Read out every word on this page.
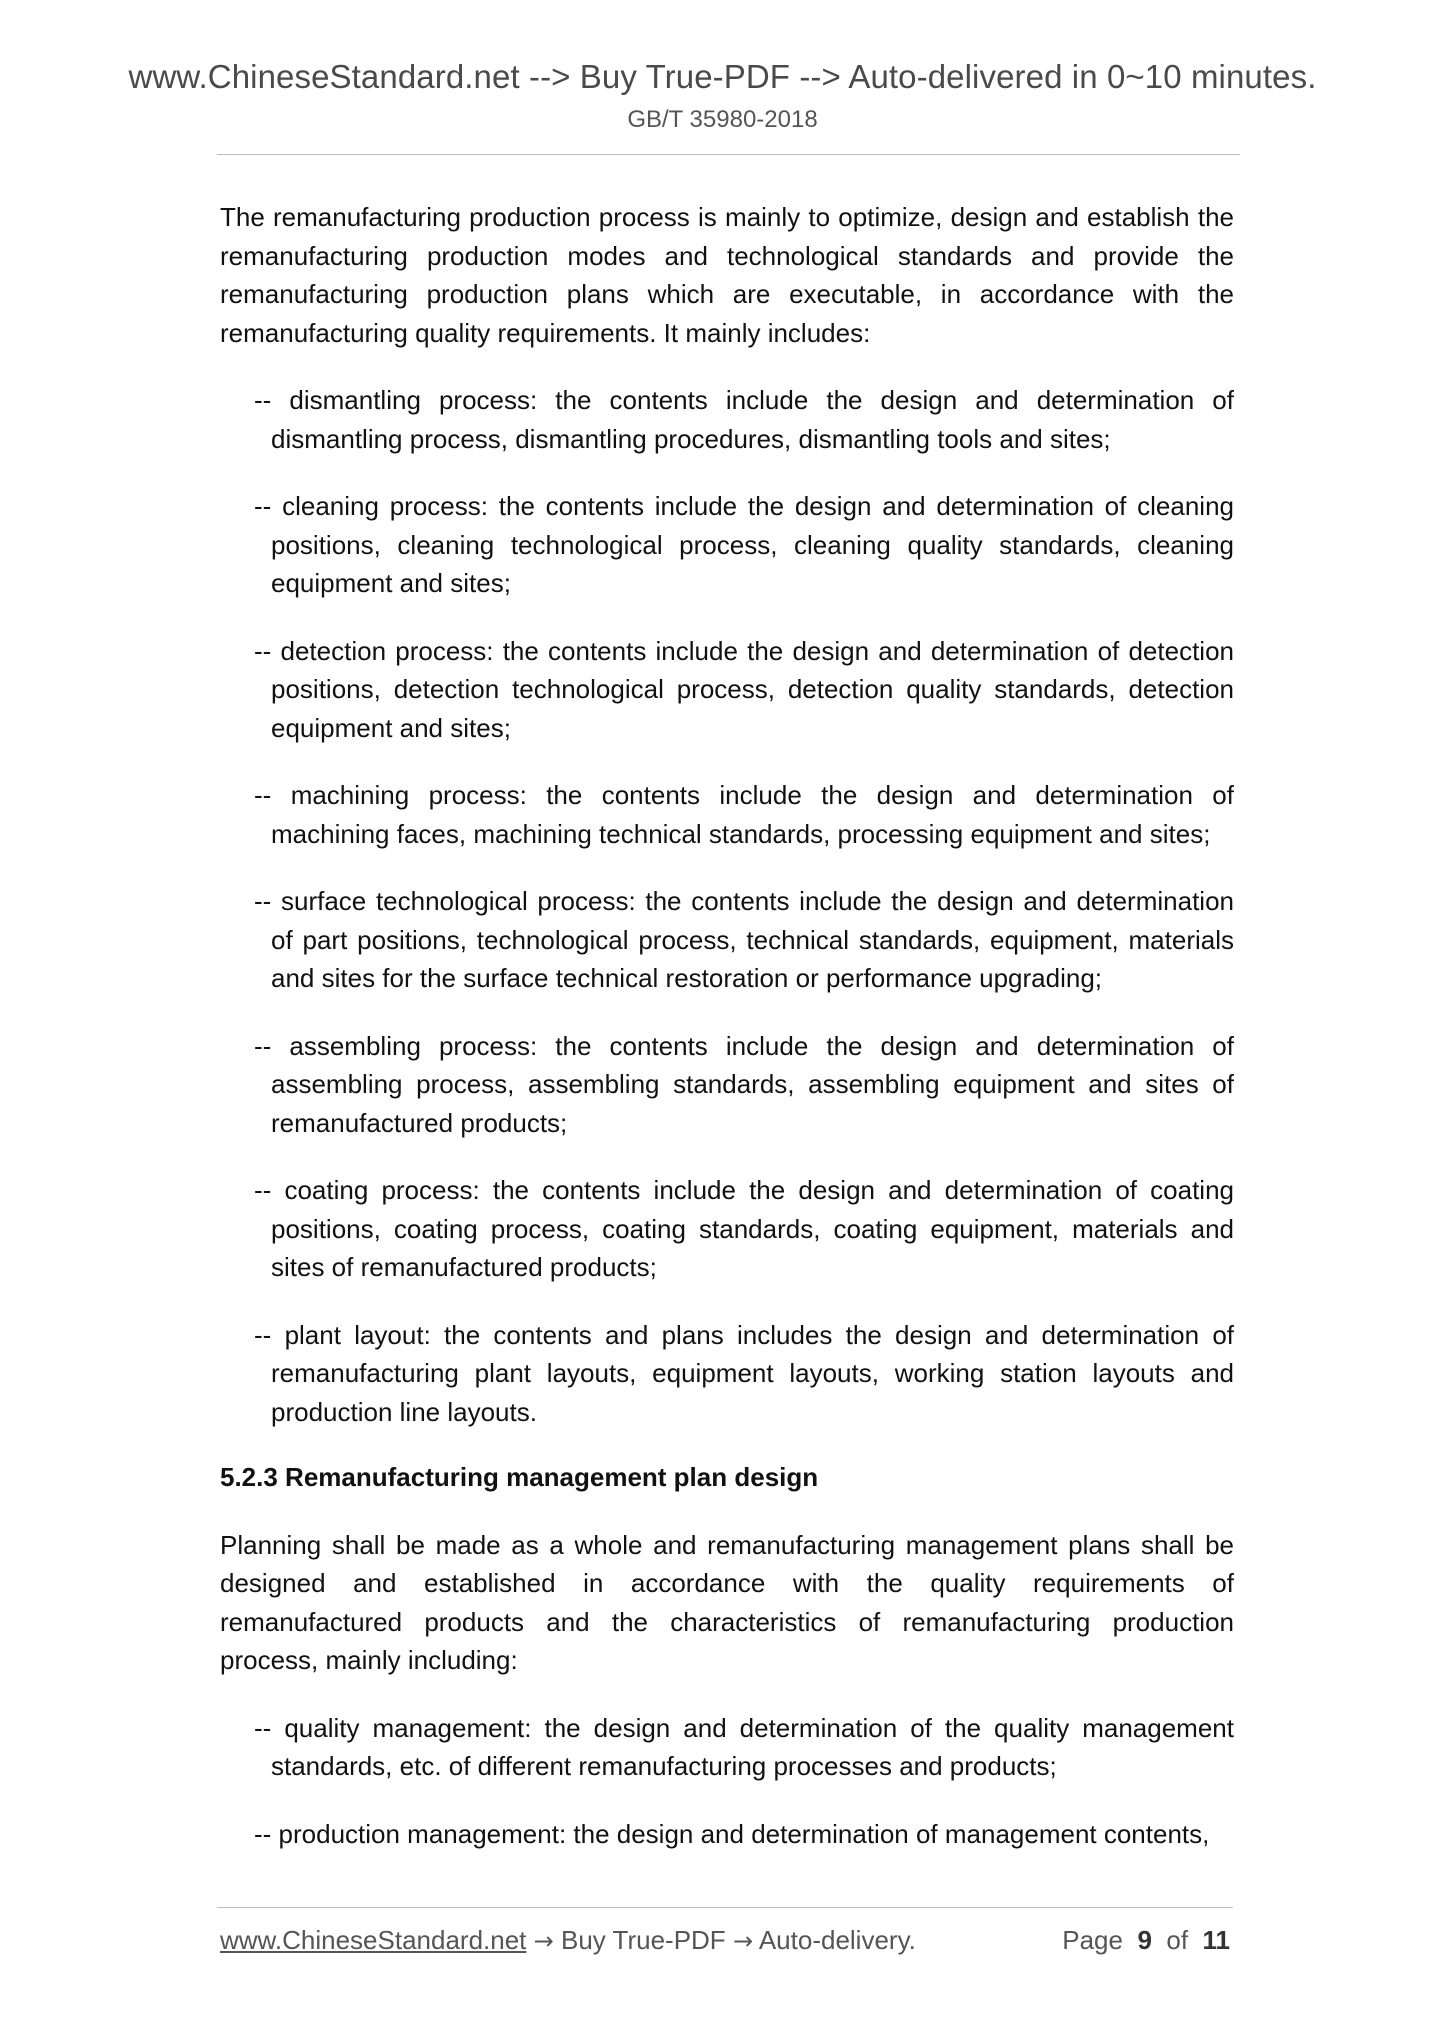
www.ChineseStandard.net --> Buy True-PDF --> Auto-delivered in 0~10 minutes.
GB/T 35980-2018

The remanufacturing production process is mainly to optimize, design and establish the remanufacturing production modes and technological standards and provide the remanufacturing production plans which are executable, in accordance with the remanufacturing quality requirements. It mainly includes:

-- dismantling process: the contents include the design and determination of dismantling process, dismantling procedures, dismantling tools and sites;

-- cleaning process: the contents include the design and determination of cleaning positions, cleaning technological process, cleaning quality standards, cleaning equipment and sites;

-- detection process: the contents include the design and determination of detection positions, detection technological process, detection quality standards, detection equipment and sites;

-- machining process: the contents include the design and determination of machining faces, machining technical standards, processing equipment and sites;

-- surface technological process: the contents include the design and determination of part positions, technological process, technical standards, equipment, materials and sites for the surface technical restoration or performance upgrading;

-- assembling process: the contents include the design and determination of assembling process, assembling standards, assembling equipment and sites of remanufactured products;

-- coating process: the contents include the design and determination of coating positions, coating process, coating standards, coating equipment, materials and sites of remanufactured products;

-- plant layout: the contents and plans includes the design and determination of remanufacturing plant layouts, equipment layouts, working station layouts and production line layouts.

5.2.3 Remanufacturing management plan design

Planning shall be made as a whole and remanufacturing management plans shall be designed and established in accordance with the quality requirements of remanufactured products and the characteristics of remanufacturing production process, mainly including:

-- quality management: the design and determination of the quality management standards, etc. of different remanufacturing processes and products;

-- production management: the design and determination of management contents,

www.ChineseStandard.net → Buy True-PDF → Auto-delivery.	Page 9 of 11
